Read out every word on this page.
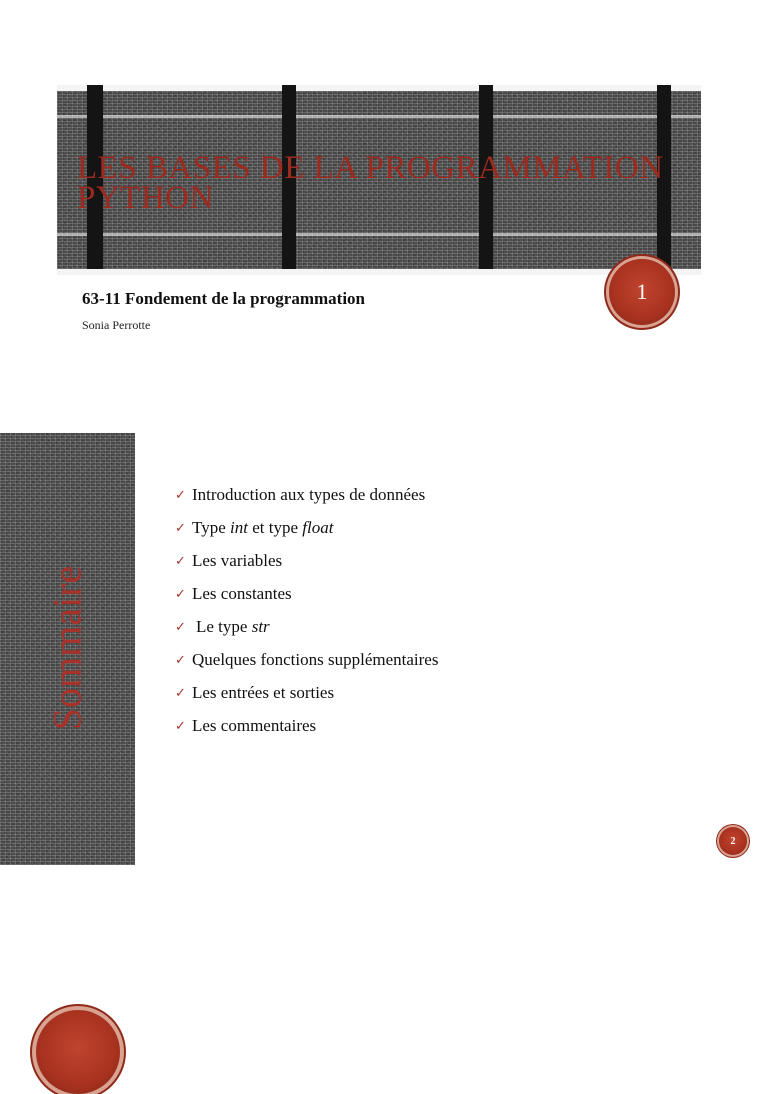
LES BASES DE LA PROGRAMMATION
PYTHON
63-11 Fondement de la programmation
Sonia Perrotte
1
Sommaire
✓ Introduction aux types de données
✓ Type int et type float
✓ Les variables
✓ Les constantes
✓ Le type str
✓ Quelques fonctions supplémentaires
✓ Les entrées et sorties
✓ Les commentaires
2
